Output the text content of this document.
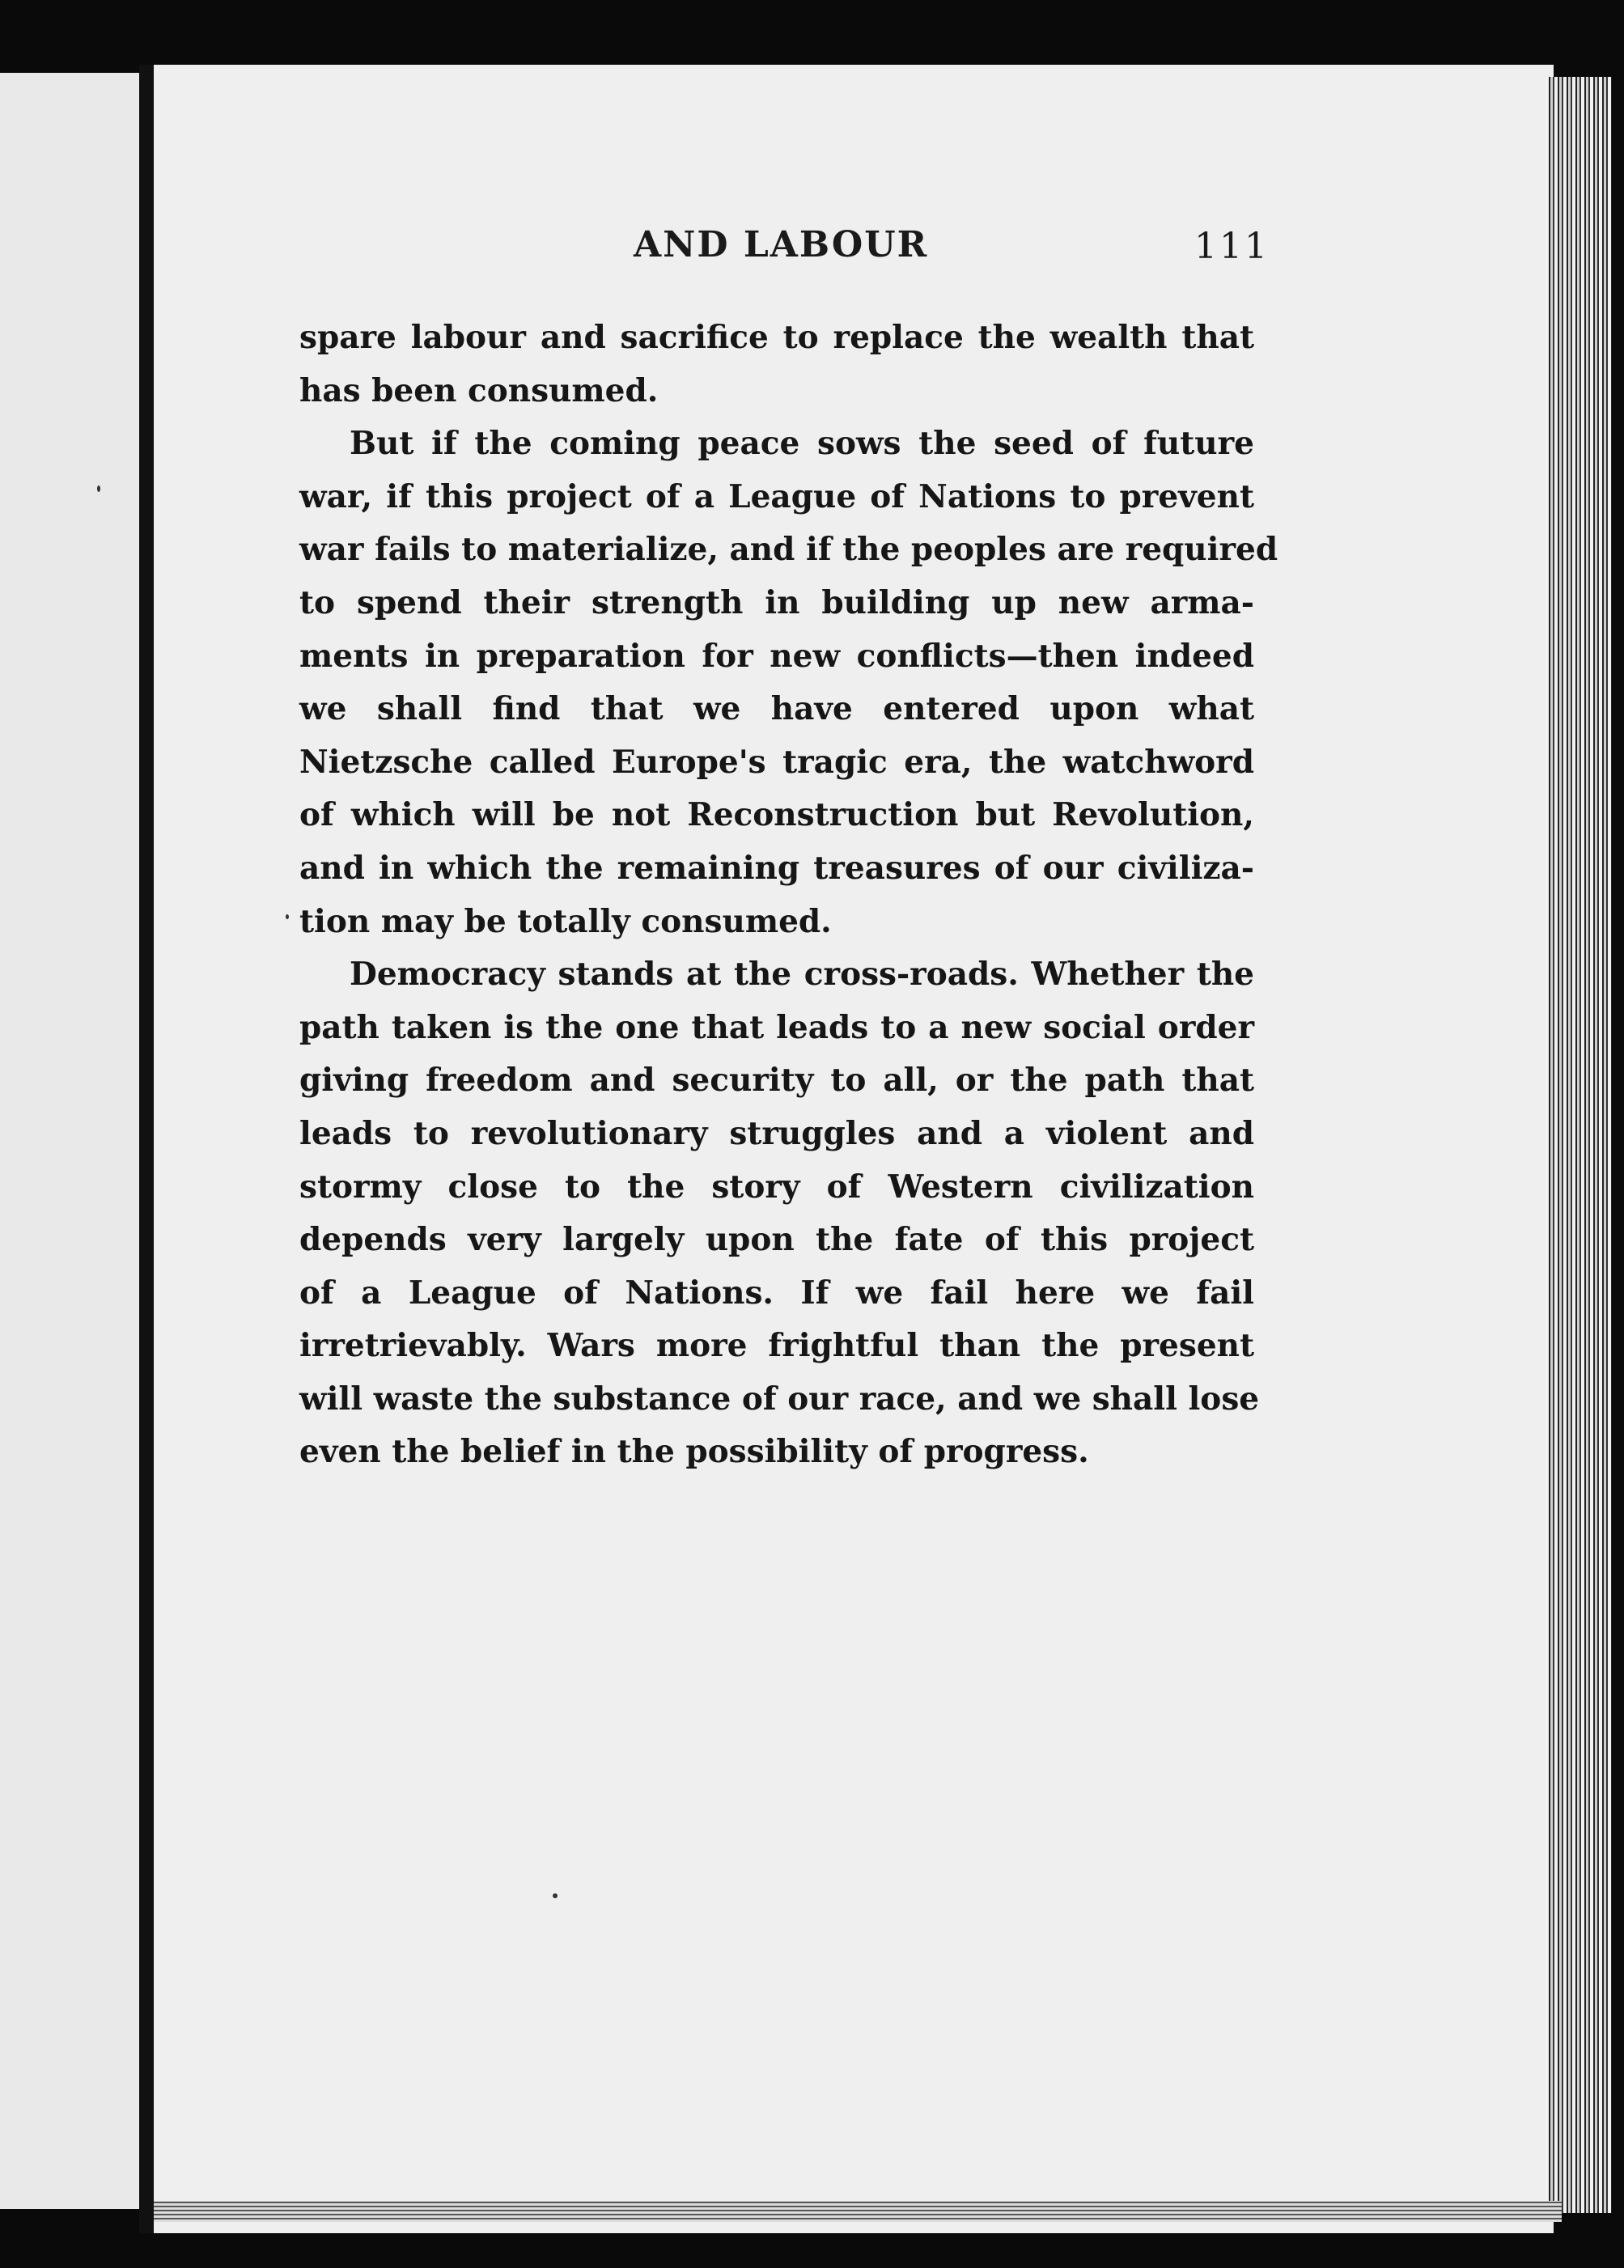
AND LABOUR	111
spare labour and sacrifice to replace the wealth that
has been consumed.
But if the coming peace sows the seed of future
war, if this project of a League of Nations to prevent
war fails to materialize, and if the peoples are required
to spend their strength in building up new arma-
ments in preparation for new conflicts—then indeed
we shall find that we have entered upon what
Nietzsche called Europe's tragic era, the watchword
of which will be not Reconstruction but Revolution,
and in which the remaining treasures of our civiliza-
tion may be totally consumed.
Democracy stands at the cross-roads. Whether the
path taken is the one that leads to a new social order
giving freedom and security to all, or the path that
leads to revolutionary struggles and a violent and
stormy close to the story of Western civilization
depends very largely upon the fate of this project
of a League of Nations. If we fail here we fail
irretrievably. Wars more frightful than the present
will waste the substance of our race, and we shall lose
even the belief in the possibility of progress.
